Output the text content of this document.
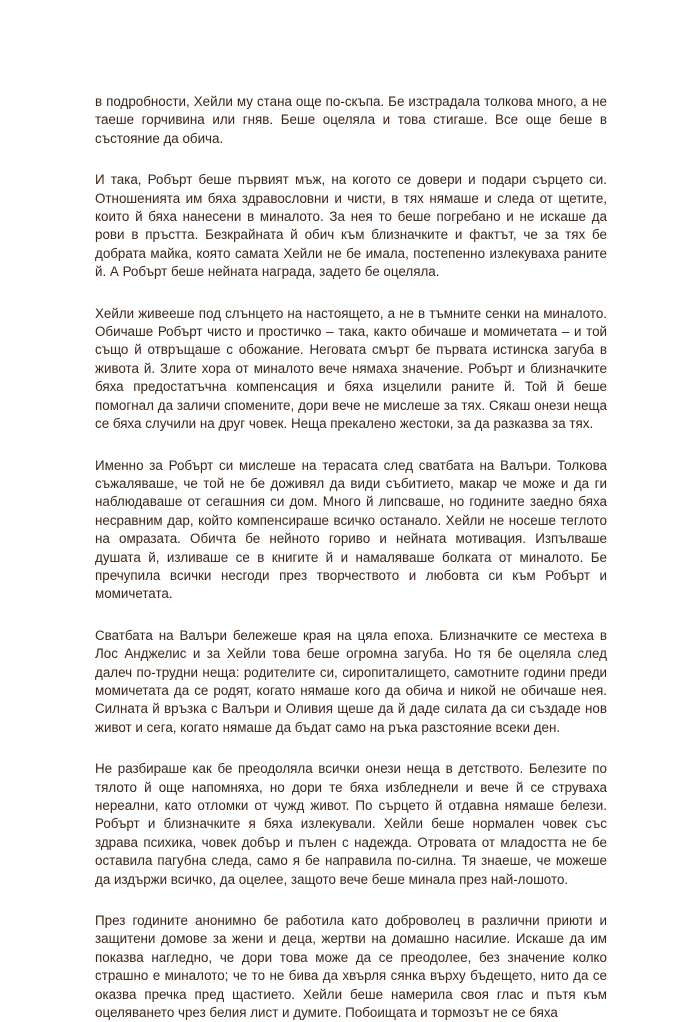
в подробности, Хейли му стана още по-скъпа. Бе изстрадала толкова много, а не таеше горчивина или гняв. Беше оцеляла и това стигаше. Все още беше в състояние да обича.

И така, Робърт беше първият мъж, на когото се довери и подари сърцето си. Отношенията им бяха здравословни и чисти, в тях нямаше и следа от щетите, които й бяха нанесени в миналото. За нея то беше погребано и не искаше да рови в пръстта. Безкрайната й обич към близначките и фактът, че за тях бе добрата майка, която самата Хейли не бе имала, постепенно излекуваха раните й. А Робърт беше нейната награда, задето бе оцеляла.

Хейли живееше под слънцето на настоящето, а не в тъмните сенки на миналото. Обичаше Робърт чисто и простичко – така, както обичаше и момичетата – и той също й отвръщаше с обожание. Неговата смърт бе първата истинска загуба в живота й. Злите хора от миналото вече нямаха значение. Робърт и близначките бяха предостатъчна компенсация и бяха изцелили раните й. Той й беше помогнал да заличи спомените, дори вече не мислеше за тях. Сякаш онези неща се бяха случили на друг човек. Неща прекалено жестоки, за да разказва за тях.

Именно за Робърт си мислеше на терасата след сватбата на Валъри. Толкова съжаляваше, че той не бе доживял да види събитието, макар че може и да ги наблюдаваше от сегашния си дом. Много й липсваше, но годините заедно бяха несравним дар, който компенсираше всичко останало. Хейли не носеше теглото на омразата. Обичта бе нейното гориво и нейната мотивация. Изпълваше душата й, изливаше се в книгите й и намаляваше болката от миналото. Бе пречупила всички несгоди през творчеството и любовта си към Робърт и момичетата.

Сватбата на Валъри бележеше края на цяла епоха. Близначките се местеха в Лос Анджелис и за Хейли това беше огромна загуба. Но тя бе оцеляла след далеч по-трудни неща: родителите си, сиропиталището, самотните години преди момичетата да се родят, когато нямаше кого да обича и никой не обичаше нея. Силната й връзка с Валъри и Оливия щеше да й даде силата да си създаде нов живот и сега, когато нямаше да бъдат само на ръка разстояние всеки ден.

Не разбираше как бе преодоляла всички онези неща в детството. Белезите по тялото й още напомняха, но дори те бяха избледнели и вече й се струваха нереални, като отломки от чужд живот. По сърцето й отдавна нямаше белези. Робърт и близначките я бяха излекували. Хейли беше нормален човек със здрава психика, човек добър и пълен с надежда. Отровата от младостта не бе оставила пагубна следа, само я бе направила по-силна. Тя знаеше, че можеше да издържи всичко, да оцелее, защото вече беше минала през най-лошото.

През годините анонимно бе работила като доброволец в различни приюти и защитени домове за жени и деца, жертви на домашно насилие. Искаше да им показва нагледно, че дори това може да се преодолее, без значение колко страшно е миналото; че то не бива да хвърля сянка върху бъдещето, нито да се оказва пречка пред щастието. Хейли беше намерила своя глас и пътя към оцеляването чрез белия лист и думите. Побоищата и тормозът не се бяха
